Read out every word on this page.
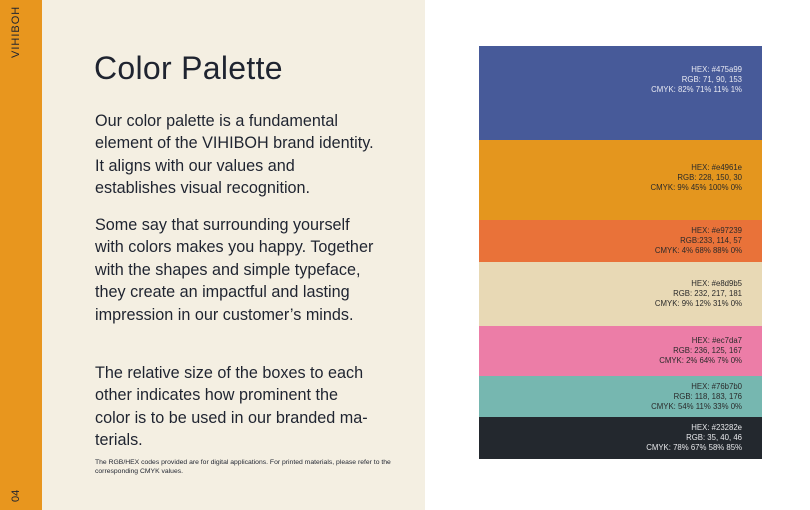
VIHIBOH
04
Color Palette

Our color palette is a fundamental element of the VIHIBOH brand identity. It aligns with our values and establishes visual recognition.

Some say that surrounding yourself with colors makes you happy. Together with the shapes and simple typeface, they create an impactful and lasting impression in our customer’s minds.

The relative size of the boxes to each other indicates how prominent the color is to be used in our branded materials.

The RGB/HEX codes provided are for digital applications. For printed materials, please refer to the corresponding CMYK values.

HEX: #475a99
RGB: 71, 90, 153
CMYK: 82% 71% 11% 1%
HEX: #e4961e
RGB: 228, 150, 30
CMYK: 9% 45% 100% 0%
HEX: #e97239
RGB:233, 114, 57
CMYK: 4% 68% 88% 0%
HEX: #e8d9b5
RGB: 232, 217, 181
CMYK: 9% 12% 31% 0%
HEX: #ec7da7
RGB: 236, 125, 167
CMYK: 2% 64% 7% 0%
HEX: #76b7b0
RGB: 118, 183, 176
CMYK: 54% 11% 33% 0%
HEX: #23282e
RGB: 35, 40, 46
CMYK: 78% 67% 58% 85%
